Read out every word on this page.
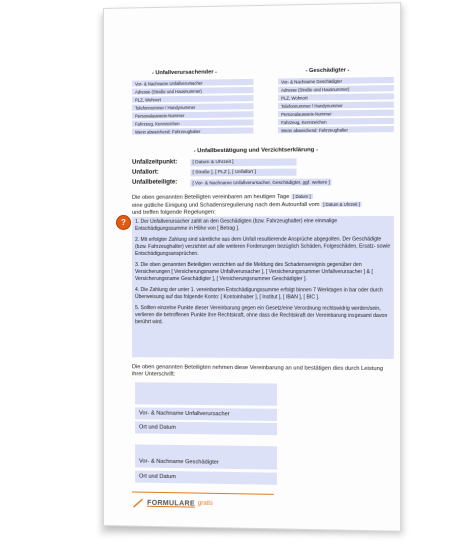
- Unfallverursachender -	- Geschädigter -
Vor- & Nachname Unfallverursacher
Adresse (Straße und Hausnummer)
PLZ, Wohnort
Telefonnummer / Handynummer
Personalausweis-Nummer
Fahrzeug, Kennzeichen
Wenn abweichend: Fahrzeughalter
Vor- & Nachname Geschädigter
Adresse (Straße und Hausnummer)
PLZ, Wohnort
Telefonnummer / Handynummer
Personalausweis-Nummer
Fahrzeug, Kennzeichen
Wenn abweichend: Fahrzeughalter
- Unfallbestätigung und Verzichtserklärung -
Unfallzeitpunkt:	[ Datum & Uhrzeit ]
Unfallort:	[ Straße ], [ PLZ ], [ Unfallort ]
Unfallbeteiligte:	[ Vor- & Nachname Unfallverursacher, Geschädigter, ggf. weitere ]
Die oben genannten Beteiligten vereinbaren am heutigen Tage [ Datum ]
eine gütliche Einigung und Schadensregulierung nach dem Autounfall vom [ Datum & Uhrzeit ]
und treffen folgende Regelungen:
1. Der Unfallverursacher zahlt an den Geschädigten (bzw. Fahrzeughalter) eine einmalige Entschädigungssumme in Höhe von [ Betrag ].
2. Mit erfolgter Zahlung sind sämtliche aus dem Unfall resultierende Ansprüche abgegolten. Der Geschädigte (bzw. Fahrzeughalter) verzichtet auf alle weiteren Forderungen bezüglich Schäden, Folgeschäden, Ersatz- sowie Entschädigungsansprüchen.
3. Die oben genannten Beteiligten verzichten auf die Meldung des Schadensereignis gegenüber den Versicherungen [ Versicherungsname Unfallverursacher ], [ Versicherungsnummer Unfallverursacher ] & [ Versicherungsname Geschädigter ], [ Versicherungsnummer Geschädigter ].
4. Die Zahlung der unter 1. vereinbarten Entschädigungssumme erfolgt binnen 7 Werktagen in bar oder durch Überweisung auf das folgende Konto: [ Kontoinhaber ], [ Institut ], [ IBAN ], [ BIC ].
5. Sollten einzelne Punkte dieser Vereinbarung gegen ein Gesetz/eine Verordnung rechtswidrig werden/sein, verlieren die betroffenen Punkte ihre Rechtskraft, ohne dass die Rechtskraft der Vereinbarung insgesamt davon berührt wird.
Die oben genannten Beteiligten nehmen diese Vereinbarung an und bestätigen dies durch Leistung ihrer Unterschrift:
Vor- & Nachname Unfallverursacher
Ort und Datum
Vor- & Nachname Geschädigter
Ort und Datum
FORMULARE gratis
?
